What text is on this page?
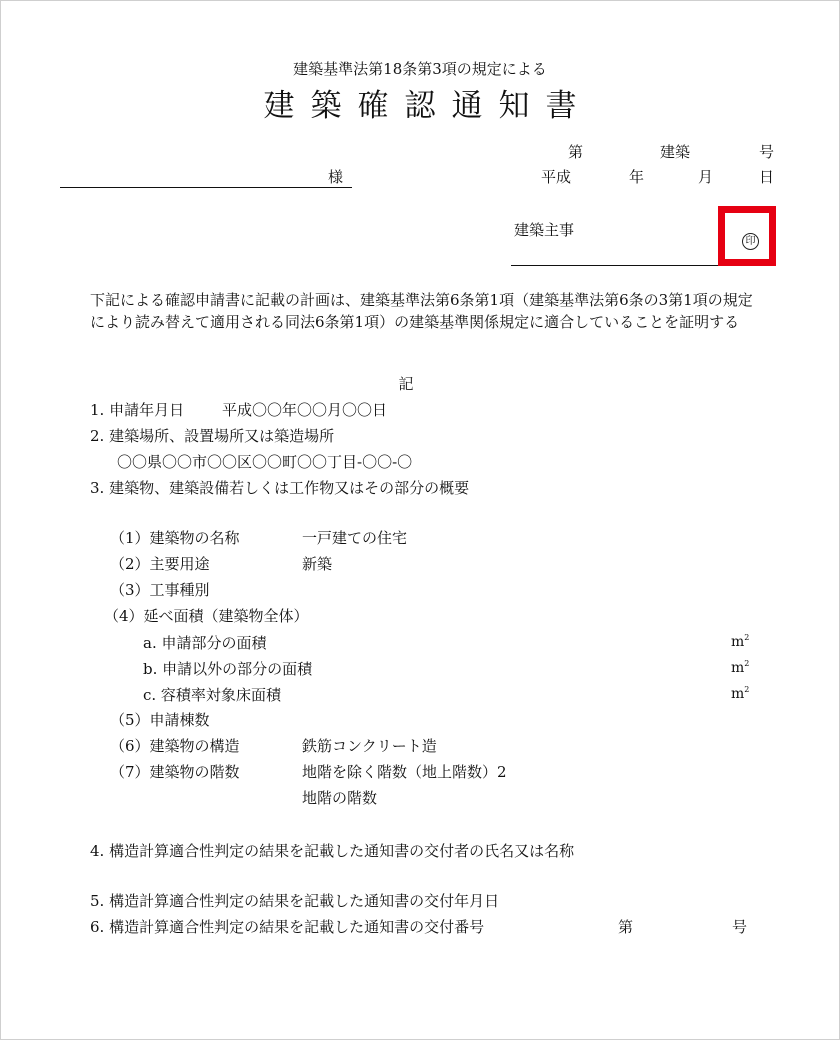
建築基準法第18条第3項の規定による
建築確認通知書
様
第	建築	号
平成	年	月	日
建築主事
印
下記による確認申請書に記載の計画は、建築基準法第6条第1項（建築基準法第6条の3第1項の規定により読み替えて適用される同法6条第1項）の建築基準関係規定に適合していることを証明する
記
1. 申請年月日	平成〇〇年〇〇月〇〇日
2. 建築場所、設置場所又は築造場所
〇〇県〇〇市〇〇区〇〇町〇〇丁目-〇〇-〇
3. 建築物、建築設備若しくは工作物又はその部分の概要
（1）建築物の名称	一戸建ての住宅
（2）主要用途	新築
（3）工事種別
（4）延べ面積（建築物全体）
a. 申請部分の面積	$m^2$
b. 申請以外の部分の面積	$m^2$
c. 容積率対象床面積	$m^2$
（5）申請棟数
（6）建築物の構造	鉄筋コンクリート造
（7）建築物の階数	地階を除く階数（地上階数）2
地階の階数
4. 構造計算適合性判定の結果を記載した通知書の交付者の氏名又は名称
5. 構造計算適合性判定の結果を記載した通知書の交付年月日
6. 構造計算適合性判定の結果を記載した通知書の交付番号	第	号
